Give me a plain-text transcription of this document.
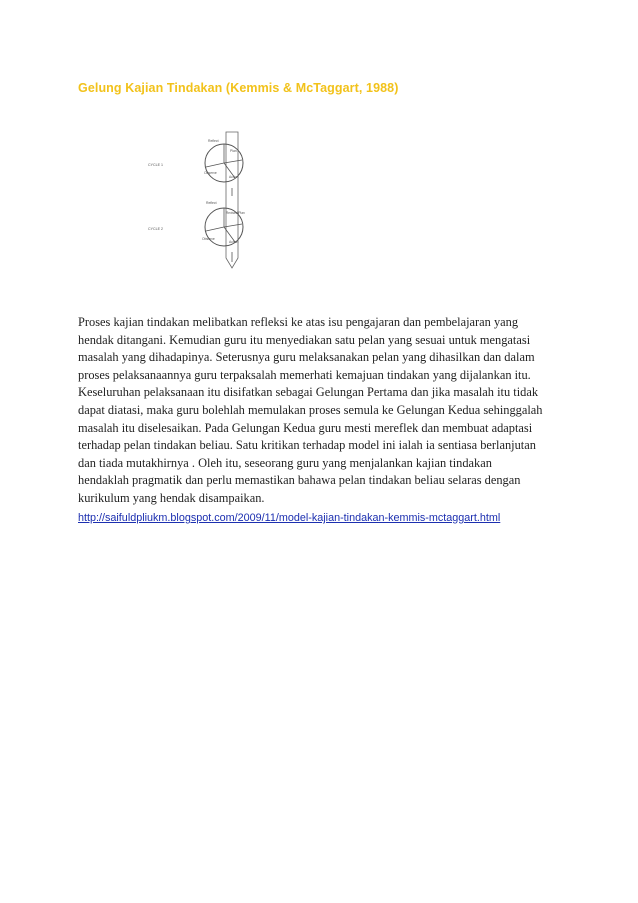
Gelung Kajian Tindakan (Kemmis & McTaggart, 1988)
CYCLE 1
CYCLE 2
Reflect
Plan
Observe
Action
Reflect
Revised Plan
Observe
Action
Proses kajian tindakan melibatkan refleksi ke atas isu pengajaran dan pembelajaran yang
hendak ditangani. Kemudian guru itu menyediakan satu pelan yang sesuai untuk mengatasi
masalah yang dihadapinya. Seterusnya guru melaksanakan pelan yang dihasilkan dan dalam
proses pelaksanaannya guru terpaksalah memerhati kemajuan tindakan yang dijalankan itu.
Keseluruhan pelaksanaan itu disifatkan sebagai Gelungan Pertama dan jika masalah itu tidak
dapat diatasi, maka guru bolehlah memulakan proses semula ke Gelungan Kedua sehinggalah
masalah itu diselesaikan. Pada Gelungan Kedua guru mesti mereflek dan membuat adaptasi
terhadap pelan tindakan beliau. Satu kritikan terhadap model ini ialah ia sentiasa berlanjutan
dan tiada mutakhirnya . Oleh itu, seseorang guru yang menjalankan kajian tindakan
hendaklah pragmatik dan perlu memastikan bahawa pelan tindakan beliau selaras dengan
kurikulum yang hendak disampaikan.
http://saifuldpliukm.blogspot.com/2009/11/model-kajian-tindakan-kemmis-mctaggart.html
